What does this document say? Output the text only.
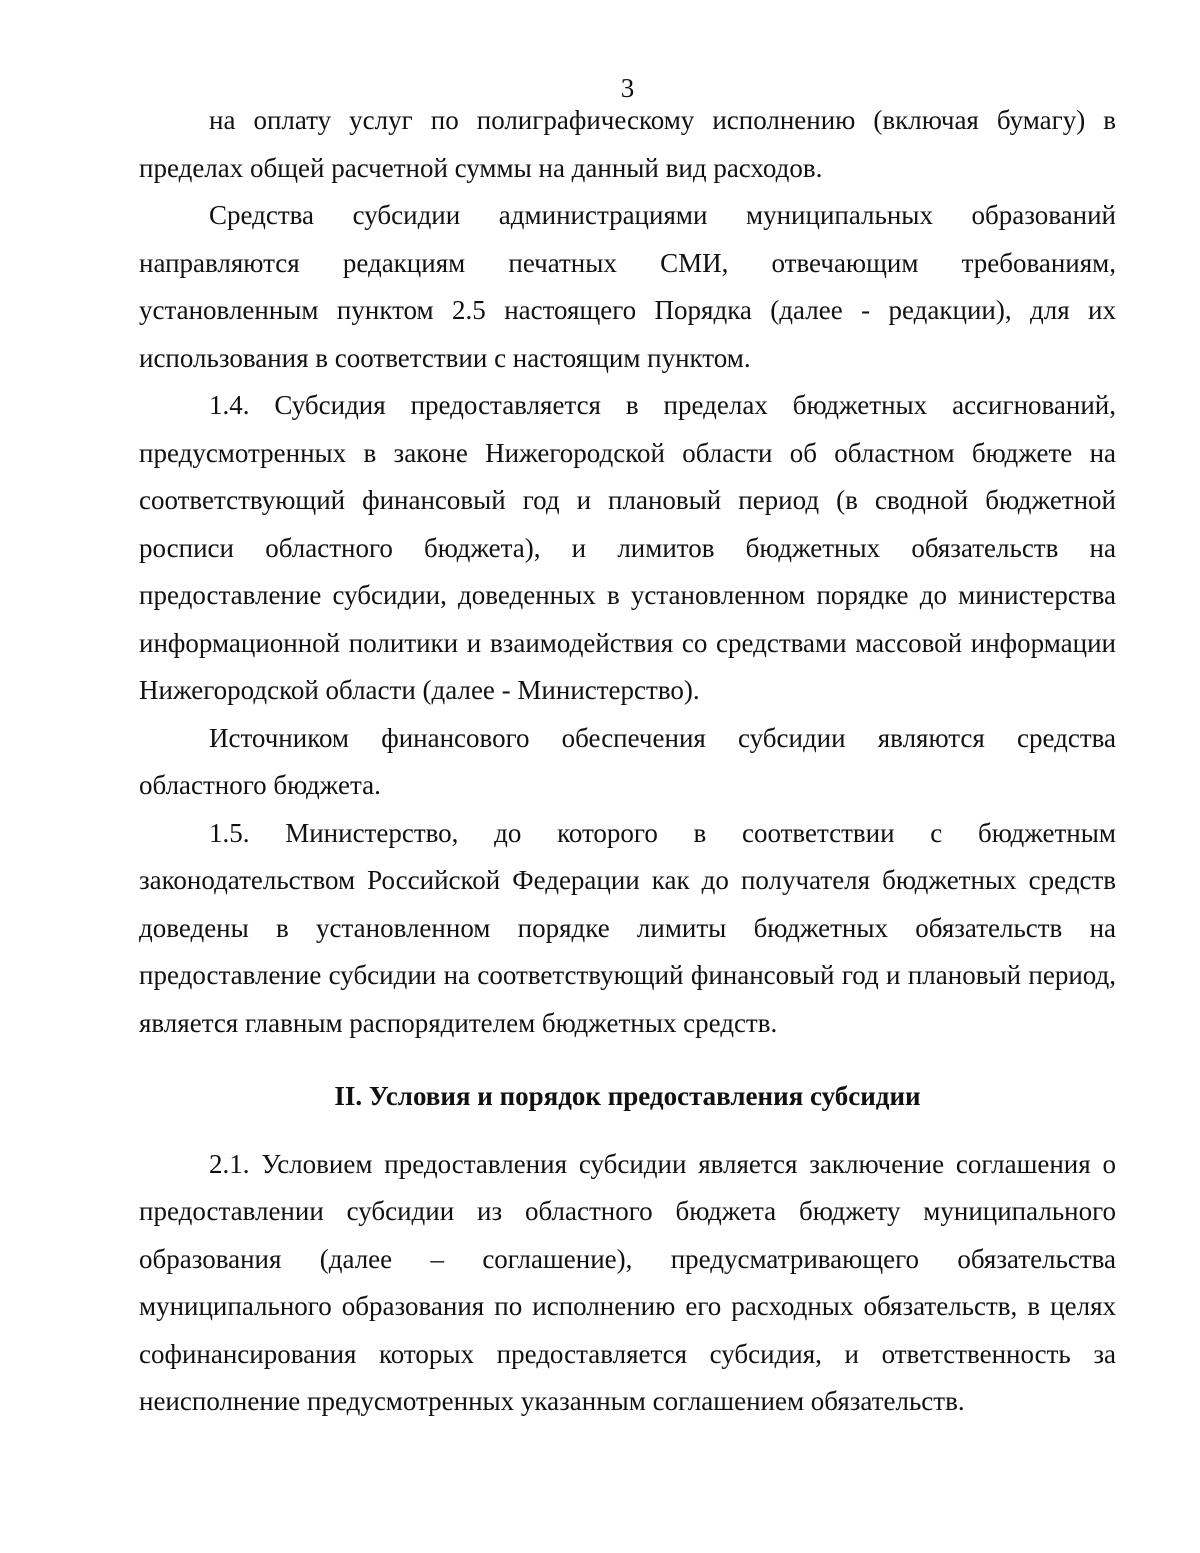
3

на оплату услуг по полиграфическому исполнению (включая бумагу) в пределах общей расчетной суммы на данный вид расходов.

Средства субсидии администрациями муниципальных образований направляются редакциям печатных СМИ, отвечающим требованиям, установленным пунктом 2.5 настоящего Порядка (далее - редакции), для их использования в соответствии с настоящим пунктом.

1.4. Субсидия предоставляется в пределах бюджетных ассигнований, предусмотренных в законе Нижегородской области об областном бюджете на соответствующий финансовый год и плановый период (в сводной бюджетной росписи областного бюджета), и лимитов бюджетных обязательств на предоставление субсидии, доведенных в установленном порядке до министерства информационной политики и взаимодействия со средствами массовой информации Нижегородской области (далее - Министерство).

Источником финансового обеспечения субсидии являются средства областного бюджета.

1.5. Министерство, до которого в соответствии с бюджетным законодательством Российской Федерации как до получателя бюджетных средств доведены в установленном порядке лимиты бюджетных обязательств на предоставление субсидии на соответствующий финансовый год и плановый период, является главным распорядителем бюджетных средств.

II. Условия и порядок предоставления субсидии

2.1. Условием предоставления субсидии является заключение соглашения о предоставлении субсидии из областного бюджета бюджету муниципального образования (далее – соглашение), предусматривающего обязательства муниципального образования по исполнению его расходных обязательств, в целях софинансирования которых предоставляется субсидия, и ответственность за неисполнение предусмотренных указанным соглашением обязательств.
